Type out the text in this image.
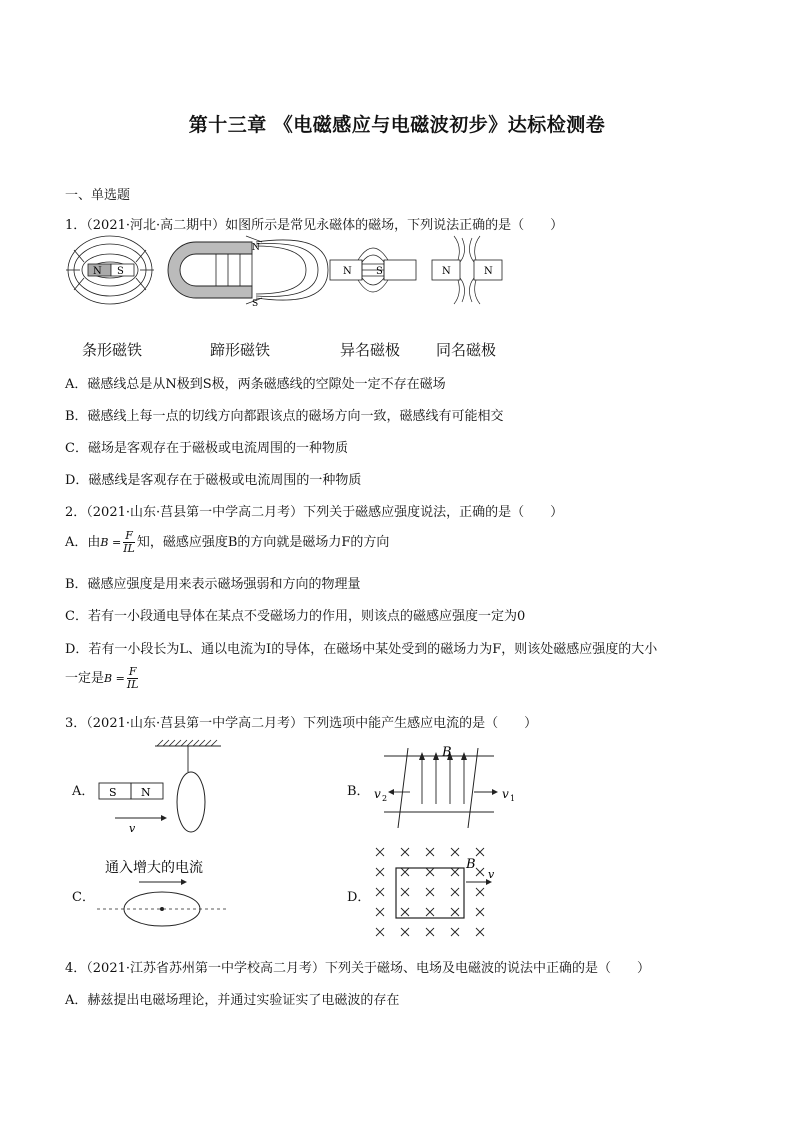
第十三章 《电磁感应与电磁波初步》达标检测卷
一、单选题
1．（2021·河北·高二期中）如图所示是常见永磁体的磁场，下列说法正确的是（　　）
N S
N
S
N S	N	N
条形磁铁	蹄形磁铁	异名磁极 同名磁极
A．磁感线总是从N极到S极，两条磁感线的空隙处一定不存在磁场
B．磁感线上每一点的切线方向都跟该点的磁场方向一致，磁感线有可能相交
C．磁场是客观存在于磁极或电流周围的一种物质
D．磁感线是客观存在于磁极或电流周围的一种物质
2．（2021·山东·莒县第一中学高二月考）下列关于磁感应强度说法，正确的是（　　）
A．由$B = \frac{F}{IL}$ 知，磁感应强度B的方向就是磁场力F的方向
B．磁感应强度是用来表示磁场强弱和方向的物理量
C．若有一小段通电导体在某点不受磁场力的作用，则该点的磁感应强度一定为0
D．若有一小段长为L、通以电流为I的导体，在磁场中某处受到的磁场力为F，则该处磁感应强度的大小
一定是$B = \frac{F}{IL}$
3．（2021·山东·莒县第一中学高二月考）下列选项中能产生感应电流的是（　　）
A． S N
v
B．
B
v 2	v 1
C．
通入增大的电流
D．
B
v
4．（2021·江苏省苏州第一中学校高二月考）下列关于磁场、电场及电磁波的说法中正确的是（　　）
A．赫兹提出电磁场理论，并通过实验证实了电磁波的存在
